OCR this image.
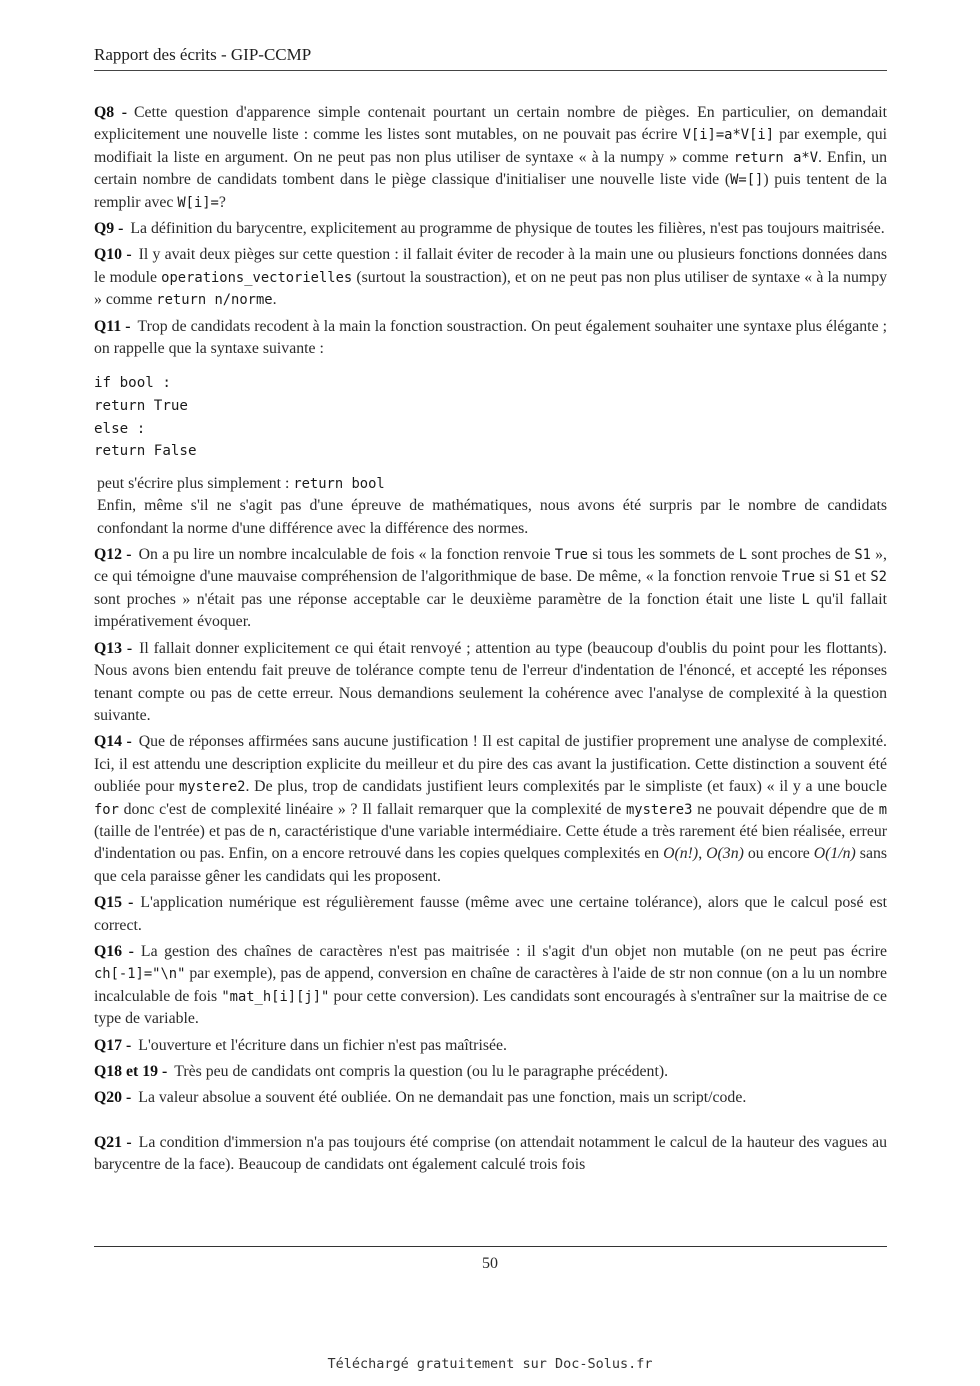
Rapport des écrits - GIP-CCMP

Q8 - Cette question d'apparence simple contenait pourtant un certain nombre de pièges. En particulier, on demandait explicitement une nouvelle liste : comme les listes sont mutables, on ne pouvait pas écrire V[i]=a*V[i] par exemple, qui modifiait la liste en argument. On ne peut pas non plus utiliser de syntaxe « à la numpy » comme return a*V. Enfin, un certain nombre de candidats tombent dans le piège classique d'initialiser une nouvelle liste vide (W=[]) puis tentent de la remplir avec W[i]=?

Q9 - La définition du barycentre, explicitement au programme de physique de toutes les filières, n'est pas toujours maitrisée.

Q10 - Il y avait deux pièges sur cette question : il fallait éviter de recoder à la main une ou plusieurs fonctions données dans le module operations_vectorielles (surtout la soustraction), et on ne peut pas non plus utiliser de syntaxe « à la numpy » comme return n/norme.

Q11 - Trop de candidats recodent à la main la fonction soustraction. On peut également souhaiter une syntaxe plus élégante ; on rappelle que la syntaxe suivante :

if bool :
return True
else :
return False

peut s'écrire plus simplement : return bool

Enfin, même s'il ne s'agit pas d'une épreuve de mathématiques, nous avons été surpris par le nombre de candidats confondant la norme d'une différence avec la différence des normes.

Q12 - On a pu lire un nombre incalculable de fois « la fonction renvoie True si tous les sommets de L sont proches de S1 », ce qui témoigne d'une mauvaise compréhension de l'algorithmique de base. De même, « la fonction renvoie True si S1 et S2 sont proches » n'était pas une réponse acceptable car le deuxième paramètre de la fonction était une liste L qu'il fallait impérativement évoquer.

Q13 - Il fallait donner explicitement ce qui était renvoyé ; attention au type (beaucoup d'oublis du point pour les flottants). Nous avons bien entendu fait preuve de tolérance compte tenu de l'erreur d'indentation de l'énoncé, et accepté les réponses tenant compte ou pas de cette erreur. Nous demandions seulement la cohérence avec l'analyse de complexité à la question suivante.

Q14 - Que de réponses affirmées sans aucune justification ! Il est capital de justifier proprement une analyse de complexité. Ici, il est attendu une description explicite du meilleur et du pire des cas avant la justification. Cette distinction a souvent été oubliée pour mystere2. De plus, trop de candidats justifient leurs complexités par le simpliste (et faux) « il y a une boucle for donc c'est de complexité linéaire » ? Il fallait remarquer que la complexité de mystere3 ne pouvait dépendre que de m (taille de l'entrée) et pas de n, caractéristique d'une variable intermédiaire. Cette étude a très rarement été bien réalisée, erreur d'indentation ou pas. Enfin, on a encore retrouvé dans les copies quelques complexités en O(n!), O(3n) ou encore O(1/n) sans que cela paraisse gêner les candidats qui les proposent.

Q15 - L'application numérique est régulièrement fausse (même avec une certaine tolérance), alors que le calcul posé est correct.

Q16 - La gestion des chaînes de caractères n'est pas maitrisée : il s'agit d'un objet non mutable (on ne peut pas écrire ch[-1]="\n" par exemple), pas de append, conversion en chaîne de caractères à l'aide de str non connue (on a lu un nombre incalculable de fois "mat_h[i][j]" pour cette conversion). Les candidats sont encouragés à s'entraîner sur la maitrise de ce type de variable.

Q17 - L'ouverture et l'écriture dans un fichier n'est pas maîtrisée.

Q18 et 19 - Très peu de candidats ont compris la question (ou lu le paragraphe précédent).

Q20 - La valeur absolue a souvent été oubliée. On ne demandait pas une fonction, mais un script/code.

Q21 - La condition d'immersion n'a pas toujours été comprise (on attendait notamment le calcul de la hauteur des vagues au barycentre de la face). Beaucoup de candidats ont également calculé trois fois

50
Téléchargé gratuitement sur Doc-Solus.fr
